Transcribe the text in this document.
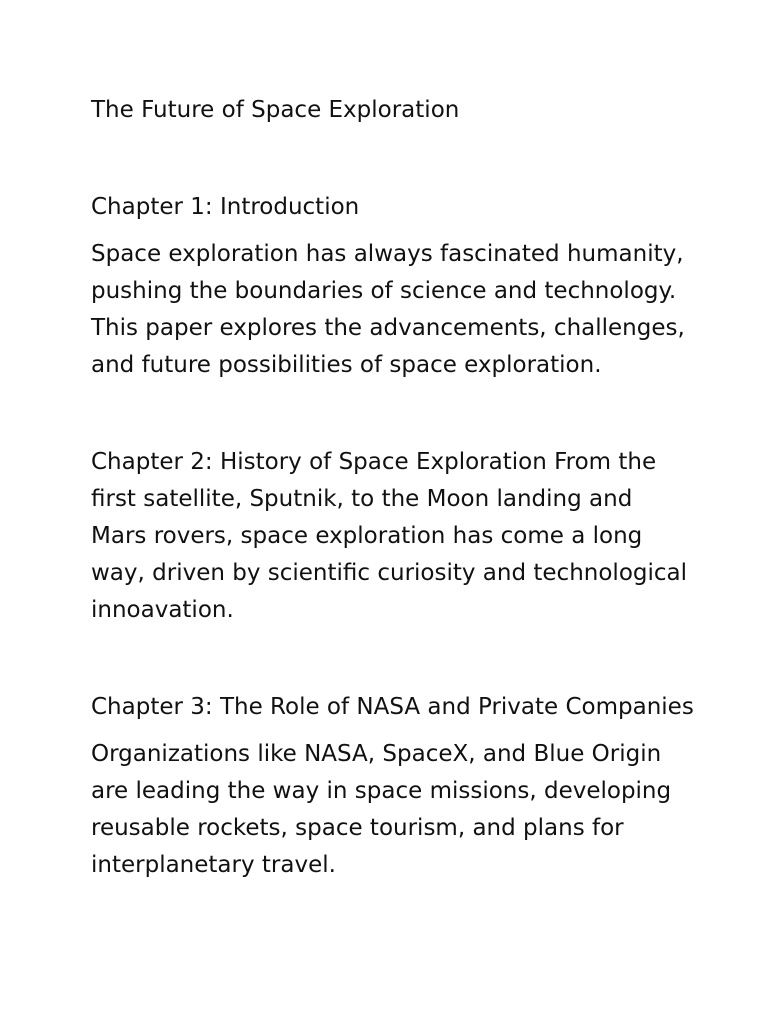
The Future of Space Exploration

Chapter 1: Introduction

Space exploration has always fascinated humanity,
pushing the boundaries of science and technology.
This paper explores the advancements, challenges,
and future possibilities of space exploration.

Chapter 2: History of Space Exploration From the
first satellite, Sputnik, to the Moon landing and
Mars rovers, space exploration has come a long
way, driven by scientific curiosity and technological
innoavation.

Chapter 3: The Role of NASA and Private Companies

Organizations like NASA, SpaceX, and Blue Origin
are leading the way in space missions, developing
reusable rockets, space tourism, and plans for
interplanetary travel.
